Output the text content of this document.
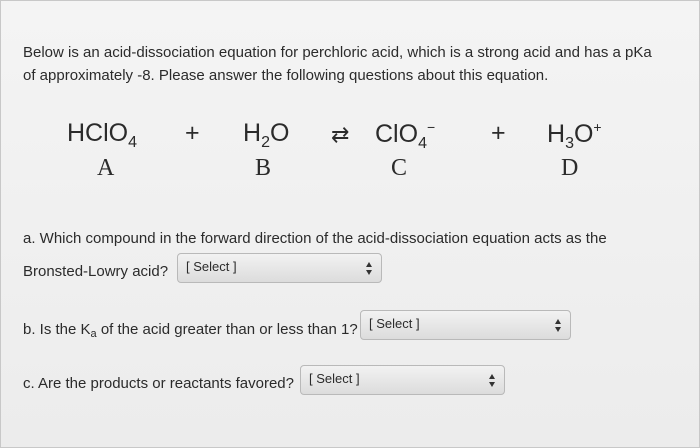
Below is an acid-dissociation equation for perchloric acid, which is a strong acid and has a pKa
of approximately -8. Please answer the following questions about this equation.
HClO$_4$ + $H_2O$ ⇄ $ClO_4^- + H_3O^+$
A	B	C	D
a. Which compound in the forward direction of the acid-dissociation equation acts as the
Bronsted-Lowry acid? [ Select ]
b. Is the $K_a$ of the acid greater than or less than 1? [ Select ]
c. Are the products or reactants favored? [ Select ]
